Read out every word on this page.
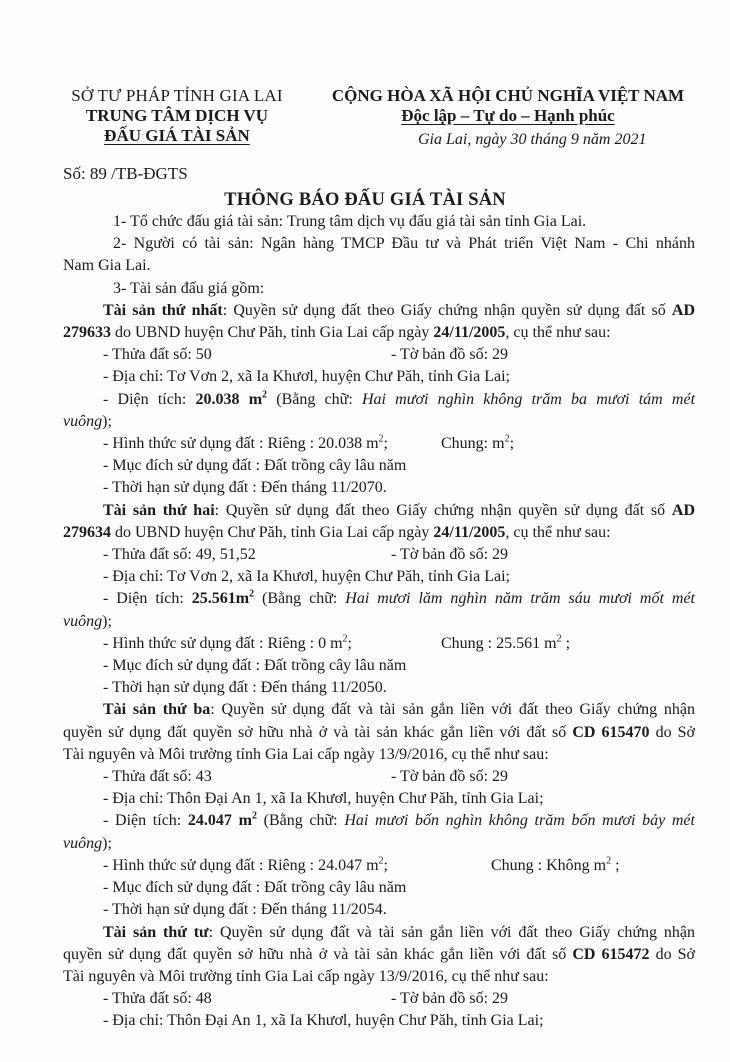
SỞ TƯ PHÁP TỈNH GIA LAI
TRUNG TÂM DỊCH VỤ
ĐẤU GIÁ TÀI SẢN
CỘNG HÒA XÃ HỘI CHỦ NGHĨA VIỆT NAM
Độc lập – Tự do – Hạnh phúc
Gia Lai, ngày 30 tháng 9 năm 2021
Số: 89 /TB-ĐGTS
THÔNG BÁO ĐẤU GIÁ TÀI SẢN

1- Tổ chức đấu giá tài sản: Trung tâm dịch vụ đấu giá tài sản tỉnh Gia Lai.

2- Người có tài sản: Ngân hàng TMCP Đầu tư và Phát triển Việt Nam - Chi nhánh

Nam Gia Lai.

3- Tài sản đấu giá gồm:

Tài sản thứ nhất: Quyền sử dụng đất theo Giấy chứng nhận quyền sử dụng đất số AD

279633 do UBND huyện Chư Păh, tỉnh Gia Lai cấp ngày 24/11/2005, cụ thể như sau:

- Thửa đất số: 50	- Tờ bản đồ số: 29

- Địa chỉ: Tơ Vơn 2, xã Ia Khươl, huyện Chư Păh, tỉnh Gia Lai;

- Diện tích: 20.038 $m^2$ (Bằng chữ: Hai mươi nghìn không trăm ba mươi tám mét

vuông);

- Hình thức sử dụng đất : Riêng : 20.038 $m^2$;	Chung: $m^2$;

- Mục đích sử dụng đất : Đất trồng cây lâu năm

- Thời hạn sử dụng đất : Đến tháng 11/2070.

Tài sản thứ hai: Quyền sử dụng đất theo Giấy chứng nhận quyền sử dụng đất số AD

279634 do UBND huyện Chư Păh, tỉnh Gia Lai cấp ngày 24/11/2005, cụ thể như sau:

- Thửa đất số: 49, 51,52	- Tờ bản đồ số: 29

- Địa chỉ: Tơ Vơn 2, xã Ia Khươl, huyện Chư Păh, tỉnh Gia Lai;

- Diện tích: $25.561m^2$ (Bằng chữ: Hai mươi lăm nghìn năm trăm sáu mươi mốt mét

vuông);

- Hình thức sử dụng đất : Riêng : 0 $m^2$;	Chung : 25.561 $m^2$ ;

- Mục đích sử dụng đất : Đất trồng cây lâu năm

- Thời hạn sử dụng đất : Đến tháng 11/2050.

Tài sản thứ ba: Quyền sử dụng đất và tài sản gắn liền với đất theo Giấy chứng nhận

quyền sử dụng đất quyền sở hữu nhà ở và tài sản khác gắn liền với đất số CD 615470 do Sở

Tài nguyên và Môi trường tỉnh Gia Lai cấp ngày 13/9/2016, cụ thể như sau:

- Thửa đất số: 43	- Tờ bản đồ số: 29

- Địa chỉ: Thôn Đại An 1, xã Ia Khươl, huyện Chư Păh, tỉnh Gia Lai;

- Diện tích: 24.047 $m^2$ (Bằng chữ: Hai mươi bốn nghìn không trăm bốn mươi bảy mét

vuông);

- Hình thức sử dụng đất : Riêng : 24.047 $m^2$;	Chung : Không $m^2$ ;

- Mục đích sử dụng đất : Đất trồng cây lâu năm

- Thời hạn sử dụng đất : Đến tháng 11/2054.

Tài sản thứ tư: Quyền sử dụng đất và tài sản gắn liền với đất theo Giấy chứng nhận

quyền sử dụng đất quyền sở hữu nhà ở và tài sản khác gắn liền với đất số CD 615472 do Sở

Tài nguyên và Môi trường tỉnh Gia Lai cấp ngày 13/9/2016, cụ thể như sau:

- Thửa đất số: 48	- Tờ bản đồ số: 29

- Địa chỉ: Thôn Đại An 1, xã Ia Khươl, huyện Chư Păh, tỉnh Gia Lai;
